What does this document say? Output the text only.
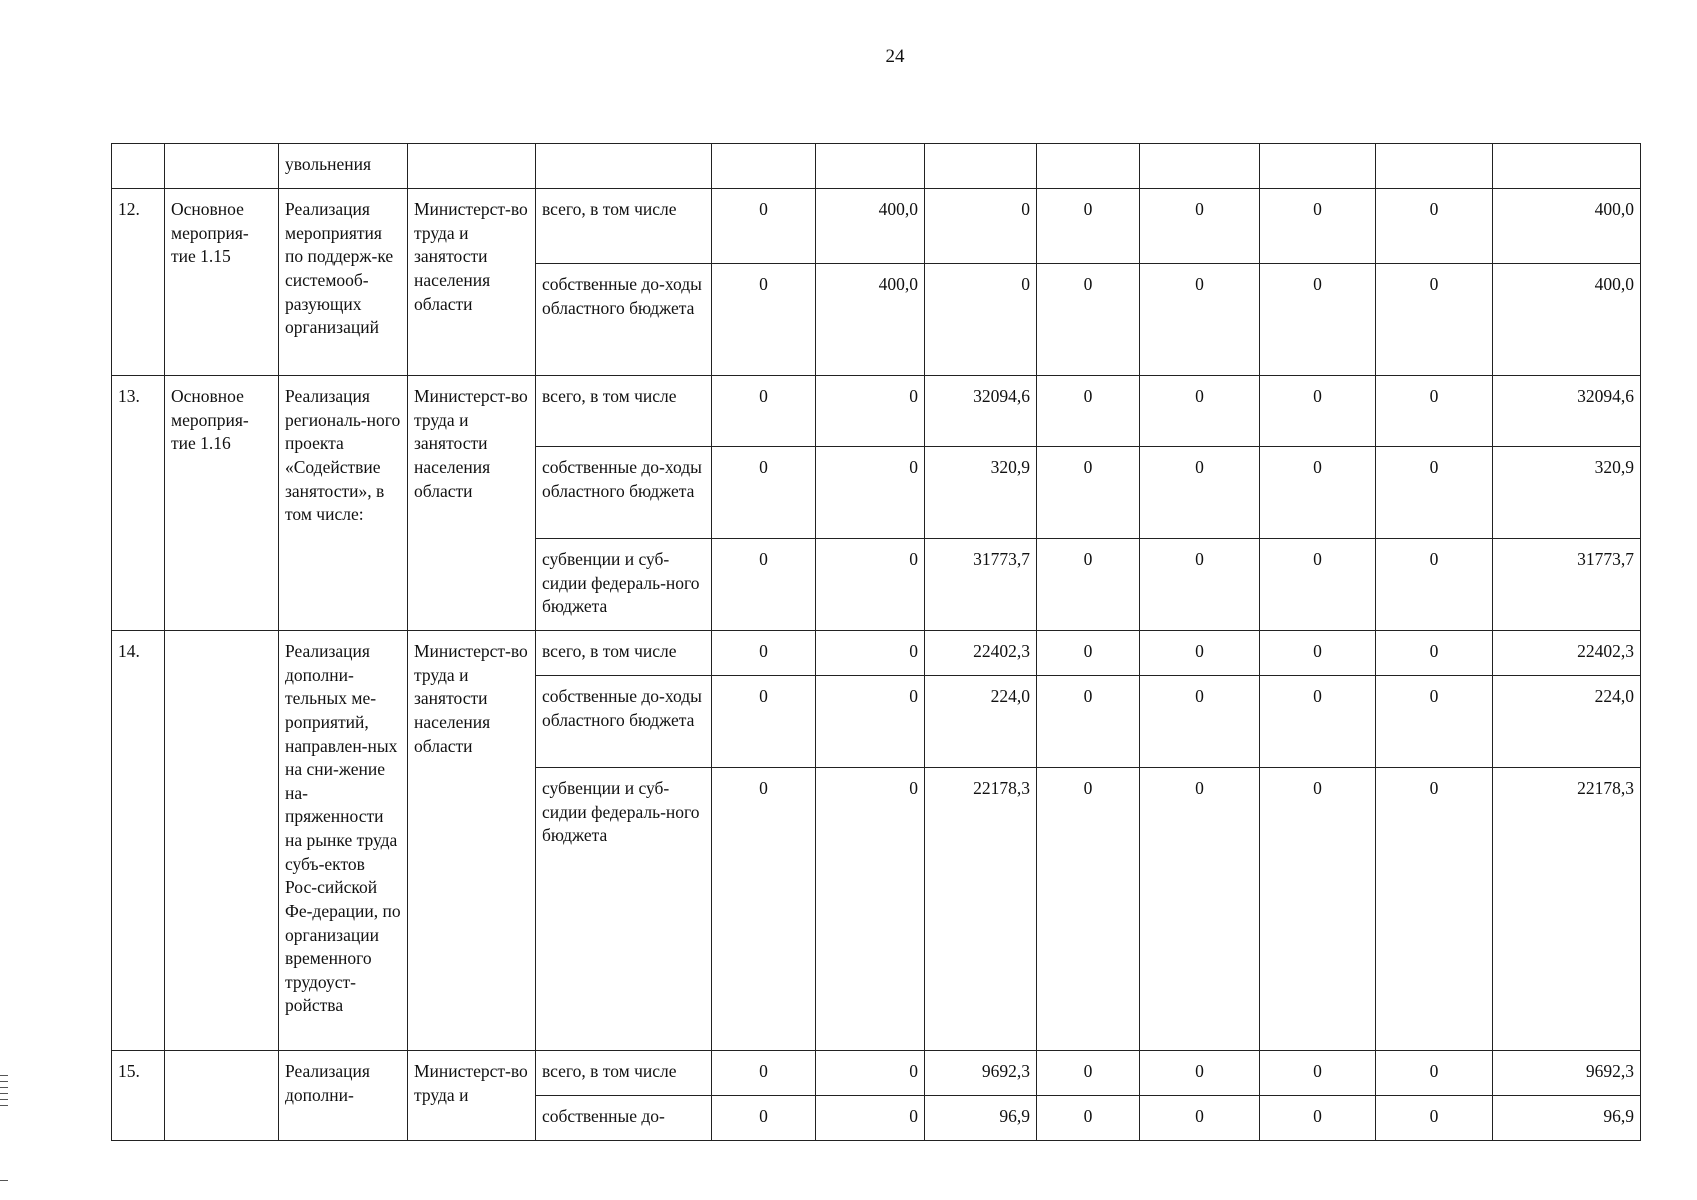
24
		увольнения										
12.	Основное мероприя-тие 1.15	Реализация мероприятия по поддерж-ке системооб-разующих организаций	Министерст-во труда и занятости населения области	всего, в том числе	0	400,0	0	0	0	0	0	400,0
				собственные до-ходы областного бюджета	0	400,0	0	0	0	0	0	400,0
13.	Основное мероприя-тие 1.16	Реализация региональ-ного проекта «Содействие занятости», в том числе:	Министерст-во труда и занятости населения области	всего, в том числе	0	0	32094,6	0	0	0	0	32094,6
				собственные до-ходы областного бюджета	0	0	320,9	0	0	0	0	320,9
				субвенции и суб-сидии федераль-ного бюджета	0	0	31773,7	0	0	0	0	31773,7
14.		Реализация дополни-тельных ме-роприятий, направлен-ных на сни-жение на-пряженности на рынке труда субъ-ектов Рос-сийской Фе-дерации, по организации временного трудоуст-ройства	Министерст-во труда и занятости населения области	всего, в том числе	0	0	22402,3	0	0	0	0	22402,3
				собственные до-ходы областного бюджета	0	0	224,0	0	0	0	0	224,0
				субвенции и суб-сидии федераль-ного бюджета	0	0	22178,3	0	0	0	0	22178,3
15.		Реализация дополни-	Министерст-во труда и	всего, в том числе	0	0	9692,3	0	0	0	0	9692,3
				собственные до-	0	0	96,9	0	0	0	0	96,9
